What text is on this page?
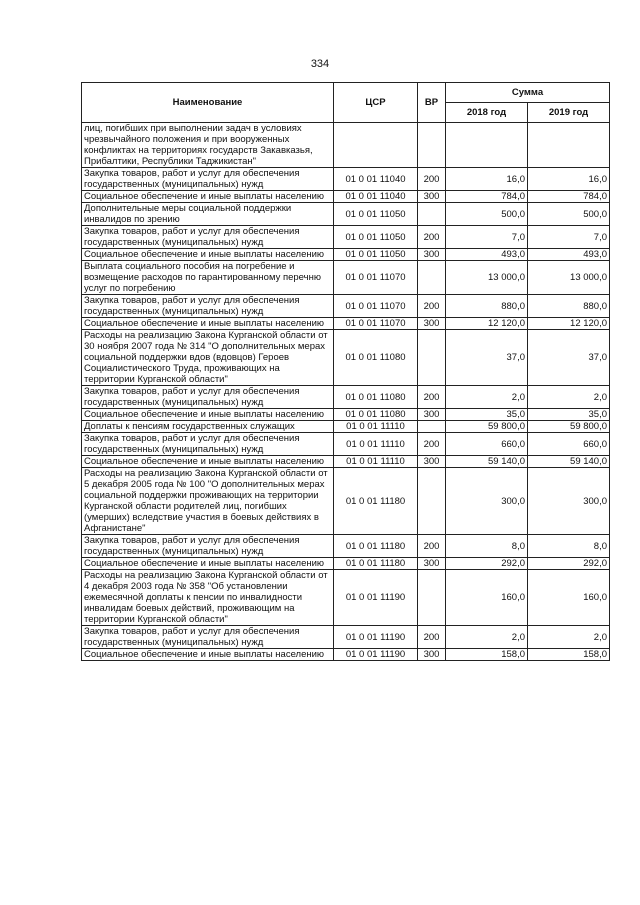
334
Наименование	ЦСР	ВР	Сумма	
			2018 год	2019 год
лиц, погибших при выполнении задач в условиях чрезвычайного положения и при вооруженных конфликтах на территориях государств Закавказья, Прибалтики, Республики Таджикистан"				
Закупка товаров, работ и услуг для обеспечения государственных (муниципальных) нужд	01 0 01 11040	200	16,0	16,0
Социальное обеспечение и иные выплаты населению	01 0 01 11040	300	784,0	784,0
Дополнительные меры социальной поддержки инвалидов по зрению	01 0 01 11050		500,0	500,0
Закупка товаров, работ и услуг для обеспечения государственных (муниципальных) нужд	01 0 01 11050	200	7,0	7,0
Социальное обеспечение и иные выплаты населению	01 0 01 11050	300	493,0	493,0
Выплата социального пособия на погребение и возмещение расходов по гарантированному перечню услуг по погребению	01 0 01 11070		13 000,0	13 000,0
Закупка товаров, работ и услуг для обеспечения государственных (муниципальных) нужд	01 0 01 11070	200	880,0	880,0
Социальное обеспечение и иные выплаты населению	01 0 01 11070	300	12 120,0	12 120,0
Расходы на реализацию Закона Курганской области от 30 ноября 2007 года № 314 "О дополнительных мерах социальной поддержки вдов (вдовцов) Героев Социалистического Труда, проживающих на территории Курганской области"	01 0 01 11080		37,0	37,0
Закупка товаров, работ и услуг для обеспечения государственных (муниципальных) нужд	01 0 01 11080	200	2,0	2,0
Социальное обеспечение и иные выплаты населению	01 0 01 11080	300	35,0	35,0
Доплаты к пенсиям государственных служащих	01 0 01 11110		59 800,0	59 800,0
Закупка товаров, работ и услуг для обеспечения государственных (муниципальных) нужд	01 0 01 11110	200	660,0	660,0
Социальное обеспечение и иные выплаты населению	01 0 01 11110	300	59 140,0	59 140,0
Расходы на реализацию Закона Курганской области от 5 декабря 2005 года № 100 "О дополнительных мерах социальной поддержки проживающих на территории Курганской области родителей лиц, погибших (умерших) вследствие участия в боевых действиях в Афганистане"	01 0 01 11180		300,0	300,0
Закупка товаров, работ и услуг для обеспечения государственных (муниципальных) нужд	01 0 01 11180	200	8,0	8,0
Социальное обеспечение и иные выплаты населению	01 0 01 11180	300	292,0	292,0
Расходы на реализацию Закона Курганской области от 4 декабря 2003 года № 358 "Об установлении ежемесячной доплаты к пенсии по инвалидности инвалидам боевых действий, проживающим на территории Курганской области"	01 0 01 11190		160,0	160,0
Закупка товаров, работ и услуг для обеспечения государственных (муниципальных) нужд	01 0 01 11190	200	2,0	2,0
Социальное обеспечение и иные выплаты населению	01 0 01 11190	300	158,0	158,0
